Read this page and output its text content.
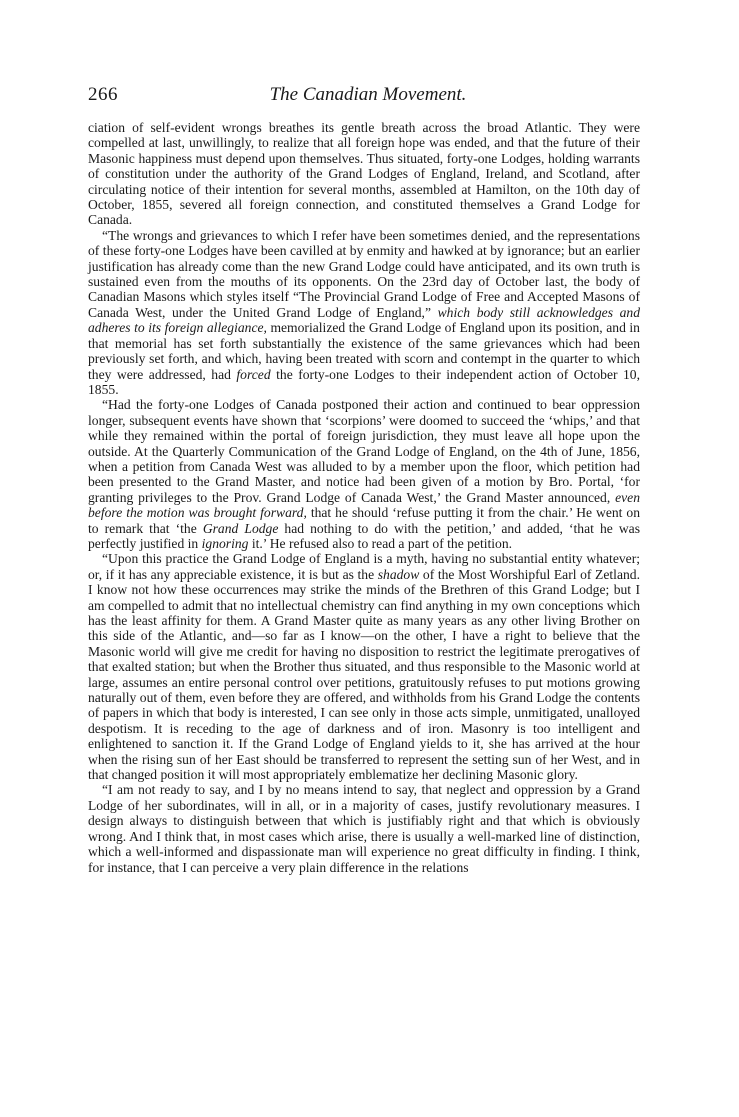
266	The Canadian Movement.

ciation of self-evident wrongs breathes its gentle breath across the broad Atlantic. They were compelled at last, unwillingly, to realize that all foreign hope was ended, and that the future of their Masonic happiness must depend upon themselves. Thus situated, forty-one Lodges, holding warrants of constitution under the authority of the Grand Lodges of England, Ireland, and Scotland, after circulating notice of their intention for several months, assembled at Hamilton, on the 10th day of October, 1855, severed all foreign connection, and constituted themselves a Grand Lodge for Canada.

“The wrongs and grievances to which I refer have been sometimes denied, and the representations of these forty-one Lodges have been cavilled at by enmity and hawked at by ignorance; but an earlier justification has already come than the new Grand Lodge could have anticipated, and its own truth is sustained even from the mouths of its opponents. On the 23rd day of October last, the body of Canadian Masons which styles itself “The Provincial Grand Lodge of Free and Accepted Masons of Canada West, under the United Grand Lodge of England,” which body still acknowledges and adheres to its foreign allegiance, memorialized the Grand Lodge of England upon its position, and in that memorial has set forth substantially the existence of the same grievances which had been previously set forth, and which, having been treated with scorn and contempt in the quarter to which they were addressed, had forced the forty-one Lodges to their independent action of October 10, 1855.

“Had the forty-one Lodges of Canada postponed their action and continued to bear oppression longer, subsequent events have shown that ‘scorpions’ were doomed to succeed the ‘whips,’ and that while they remained within the portal of foreign jurisdiction, they must leave all hope upon the outside. At the Quarterly Communication of the Grand Lodge of England, on the 4th of June, 1856, when a petition from Canada West was alluded to by a member upon the floor, which petition had been presented to the Grand Master, and notice had been given of a motion by Bro. Portal, ‘for granting privileges to the Prov. Grand Lodge of Canada West,’ the Grand Master announced, even before the motion was brought forward, that he should ‘refuse putting it from the chair.’ He went on to remark that ‘the Grand Lodge had nothing to do with the petition,’ and added, ‘that he was perfectly justified in ignoring it.’ He refused also to read a part of the petition.

“Upon this practice the Grand Lodge of England is a myth, having no substantial entity whatever; or, if it has any appreciable existence, it is but as the shadow of the Most Worshipful Earl of Zetland. I know not how these occurrences may strike the minds of the Brethren of this Grand Lodge; but I am compelled to admit that no intellectual chemistry can find anything in my own conceptions which has the least affinity for them. A Grand Master quite as many years as any other living Brother on this side of the Atlantic, and—so far as I know—on the other, I have a right to believe that the Masonic world will give me credit for having no disposition to restrict the legitimate prerogatives of that exalted station; but when the Brother thus situated, and thus responsible to the Masonic world at large, assumes an entire personal control over petitions, gratuitously refuses to put motions growing naturally out of them, even before they are offered, and withholds from his Grand Lodge the contents of papers in which that body is interested, I can see only in those acts simple, unmitigated, unalloyed despotism. It is receding to the age of darkness and of iron. Masonry is too intelligent and enlightened to sanction it. If the Grand Lodge of England yields to it, she has arrived at the hour when the rising sun of her East should be transferred to represent the setting sun of her West, and in that changed position it will most appropriately emblematize her declining Masonic glory.

“I am not ready to say, and I by no means intend to say, that neglect and oppression by a Grand Lodge of her subordinates, will in all, or in a majority of cases, justify revolutionary measures. I design always to distinguish between that which is justifiably right and that which is obviously wrong. And I think that, in most cases which arise, there is usually a well-marked line of distinction, which a well-informed and dispassionate man will experience no great difficulty in finding. I think, for instance, that I can perceive a very plain difference in the relations
